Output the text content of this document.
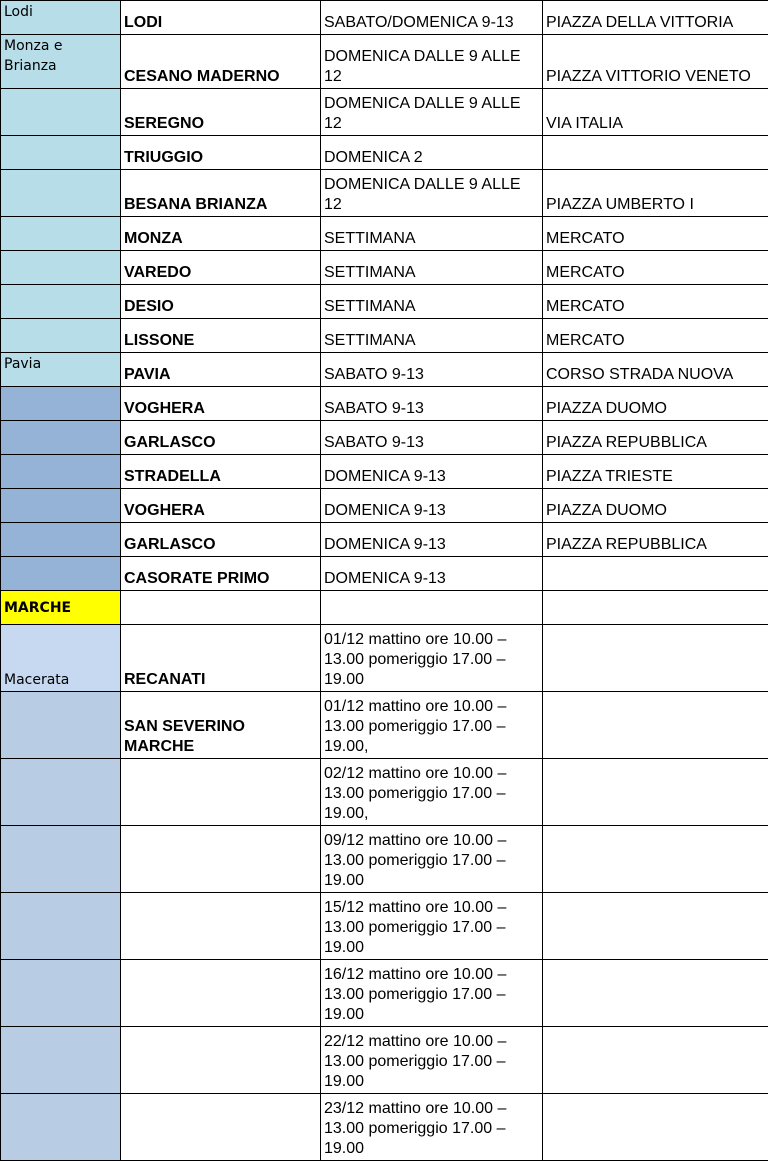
Lodi	LODI	SABATO/DOMENICA 9-13	PIAZZA DELLA VITTORIA
Monza e Brianza	CESANO MADERNO	DOMENICA DALLE 9 ALLE 12	PIAZZA VITTORIO VENETO
	SEREGNO	DOMENICA DALLE 9 ALLE 12	VIA ITALIA
	TRIUGGIO	DOMENICA 2	
	BESANA BRIANZA	DOMENICA DALLE 9 ALLE 12	PIAZZA UMBERTO I
	MONZA	SETTIMANA	MERCATO
	VAREDO	SETTIMANA	MERCATO
	DESIO	SETTIMANA	MERCATO
	LISSONE	SETTIMANA	MERCATO
Pavia	PAVIA	SABATO 9-13	CORSO STRADA NUOVA
	VOGHERA	SABATO 9-13	PIAZZA DUOMO
	GARLASCO	SABATO 9-13	PIAZZA REPUBBLICA
	STRADELLA	DOMENICA 9-13	PIAZZA TRIESTE
	VOGHERA	DOMENICA 9-13	PIAZZA DUOMO
	GARLASCO	DOMENICA 9-13	PIAZZA REPUBBLICA
	CASORATE PRIMO	DOMENICA 9-13	
MARCHE			
Macerata	RECANATI	01/12 mattino ore 10.00 – 13.00 pomeriggio 17.00 – 19.00	
	SAN SEVERINO MARCHE	01/12 mattino ore 10.00 – 13.00 pomeriggio 17.00 – 19.00,	
		02/12 mattino ore 10.00 – 13.00 pomeriggio 17.00 – 19.00,	
		09/12 mattino ore 10.00 – 13.00 pomeriggio 17.00 – 19.00	
		15/12 mattino ore 10.00 – 13.00 pomeriggio 17.00 – 19.00	
		16/12 mattino ore 10.00 – 13.00 pomeriggio 17.00 – 19.00	
		22/12 mattino ore 10.00 – 13.00 pomeriggio 17.00 – 19.00	
		23/12 mattino ore 10.00 – 13.00 pomeriggio 17.00 – 19.00	
